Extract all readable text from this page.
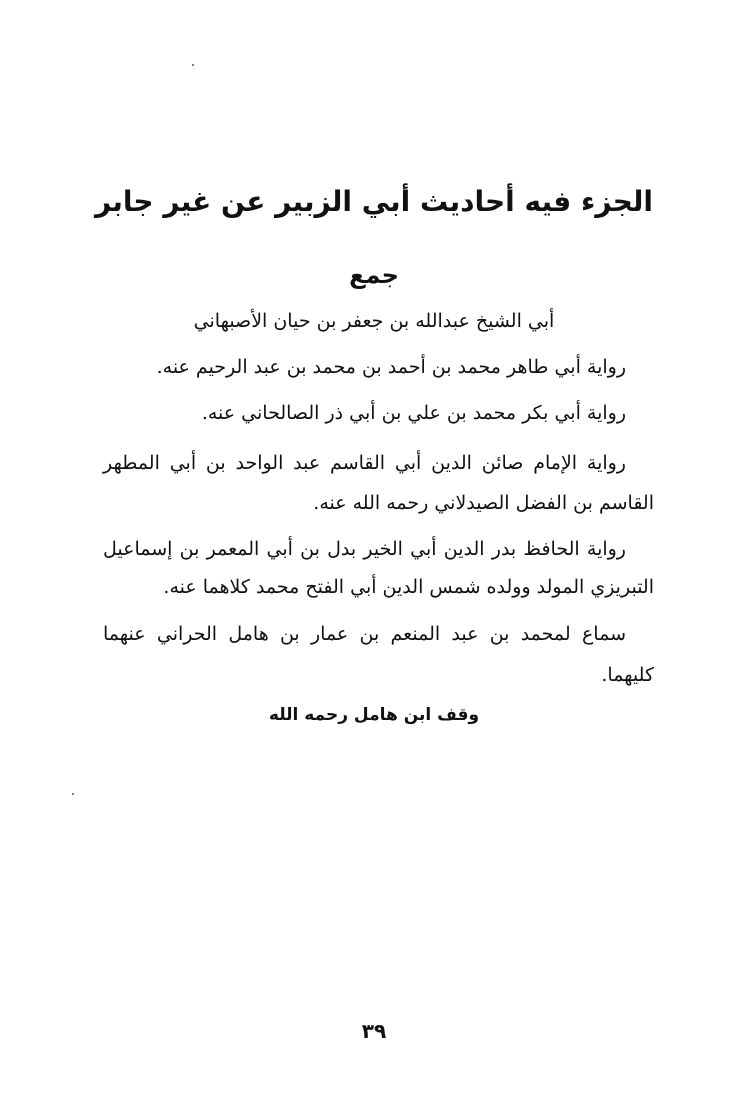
الجزء فيه أحاديث أبي الزبير عن غير جابر
جمع
أبي الشيخ عبدالله بن جعفر بن حيان الأصبهاني
رواية أبي طاهر محمد بن أحمد بن محمد بن عبد الرحيم عنه.
رواية أبي بكر محمد بن علي بن أبي ذر الصالحاني عنه.
رواية الإمام صائن الدين أبي القاسم عبد الواحد بن أبي المطهر
القاسم بن الفضل الصيدلاني رحمه الله عنه.
رواية الحافظ بدر الدين أبي الخير بدل بن أبي المعمر بن إسماعيل
التبريزي المولد وولده شمس الدين أبي الفتح محمد كلاهما عنه.
سماع لمحمد بن عبد المنعم بن عمار بن هامل الحراني عنهما
كليهما.
وقف ابن هامل رحمه الله
٣٩
